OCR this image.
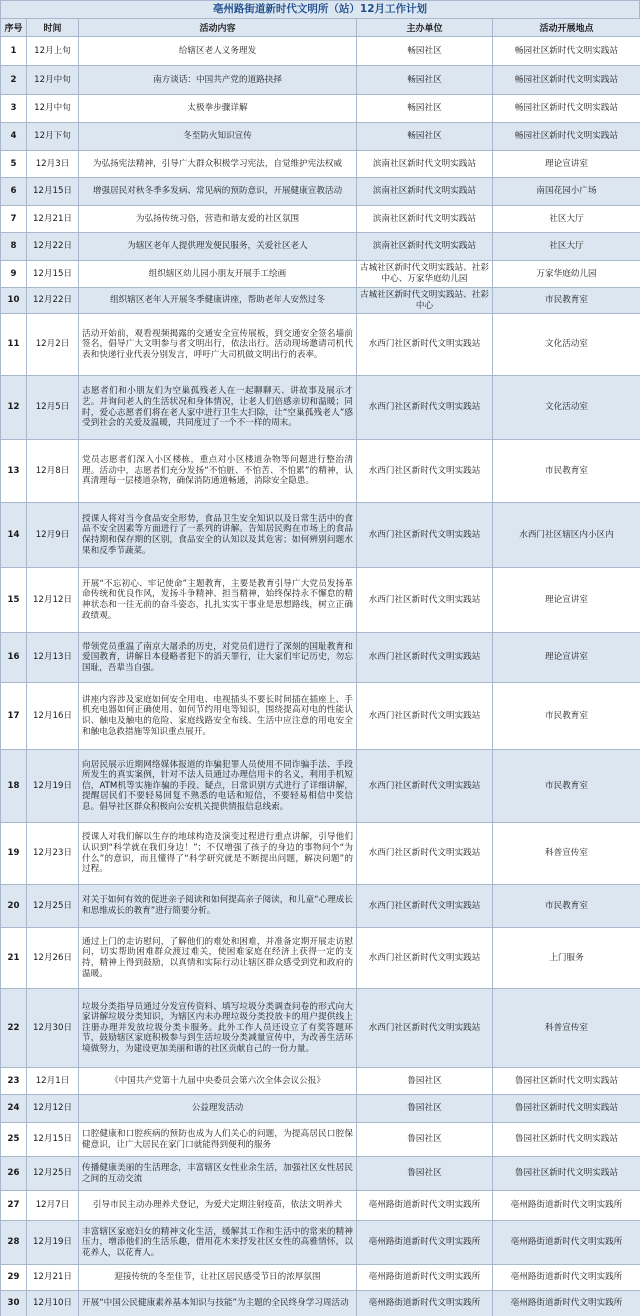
亳州路街道新时代文明所（站）12月工作计划
序号	时间	活动内容	主办单位	活动开展地点

1	12月上旬	给辖区老人义务理发	畅园社区	畅园社区新时代文明实践站

2	12月中旬	南方谈话：中国共产党的道路抉择	畅园社区	畅园社区新时代文明实践站

3	12月中旬	太极拳步骤详解	畅园社区	畅园社区新时代文明实践站

4	12月下旬	冬至防火知识宣传	畅园社区	畅园社区新时代文明实践站

5	12月3日	为弘扬宪法精神，引导广大群众积极学习宪法，自觉维护宪法权威	滨南社区新时代文明实践站	理论宣讲室

6	12月15日	增强居民对秋冬季多发病、常见病的预防意识，开展健康宣教活动	滨南社区新时代文明实践站	南国花园小广场

7	12月21日	为弘扬传统习俗，营造和谐友爱的社区氛围	滨南社区新时代文明实践站	社区大厅

8	12月22日	为辖区老年人提供理发便民服务，关爱社区老人	滨南社区新时代文明实践站	社区大厅

9	12月15日	组织辖区幼儿园小朋友开展手工绘画	古城社区新时代文明实践站、社彩中心、万家华庭幼儿园	万家华庭幼儿园

10	12月22日	组织辖区老年人开展冬季健康讲座，帮助老年人安然过冬	古城社区新时代文明实践站、社彩中心	市民教育室

11	12月2日	活动开始前，观看视频揭露的交通安全宣传展板，到交通安全签名墙前签名，倡导广大文明参与者文明出行，依法出行。活动现场邀请司机代表和快递行业代表分别发言，呼吁广大司机做文明出行的表率。	水西门社区新时代文明实践站	文化活动室

12	12月5日	志愿者们和小朋友们为空巢孤残老人在一起聊聊天、讲故事及展示才艺。并询问老人的生活状况和身体情况，让老人们倍感亲切和温暖；同时，爱心志愿者们将在老人家中进行卫生大扫除，让“空巢孤残老人”感受到社会的关爱及温暖，共同度过了一个不一样的周末。	水西门社区新时代文明实践站	文化活动室

13	12月8日	党员志愿者们深入小区楼栋，重点对小区楼道杂物等问题进行整治清理。活动中，志愿者们充分发扬“不怕脏、不怕苦、不怕累”的精神，认真清理每一层楼道杂物，确保消防通道畅通，消除安全隐患。	水西门社区新时代文明实践站	市民教育室

14	12月9日	授课人将对当今食品安全形势，食品卫生安全知识以及日常生活中的食品不安全因素等方面进行了一系列的讲解。告知居民购在市场上的食品保持期和保存期的区别，食品安全的认知以及其危害；如何辨别问题水果和反季节蔬菜。	水西门社区新时代文明实践站	水西门社区辖区内小区内

15	12月12日	开展“不忘初心、牢记使命”主题教育，主要是教育引导广大党员发扬革命传统和优良作风，发扬斗争精神、担当精神，始终保持永不懈怠的精神状态和一往无前的奋斗姿态，扎扎实实干事业是思想路线，树立正确政绩观。	水西门社区新时代文明实践站	理论宣讲室

16	12月13日	带领党员重温了南京大屠杀的历史，对党员们进行了深刻的国耻教育和爱国教育，讲解日本侵略者犯下的滔天罪行，让大家们牢记历史，勿忘国耻，吾辈当自强。	水西门社区新时代文明实践站	理论宣讲室

17	12月16日	讲座内容涉及家庭如何安全用电、电视插头不要长时间插在插座上、手机充电器如何正确使用、如何节约用电等知识，围绕提高对电的性能认识、触电及触电的危险、家庭线路安全布线、生活中应注意的用电安全和触电急救措施等知识重点展开。	水西门社区新时代文明实践站	市民教育室

18	12月19日	向居民展示近期网络媒体报道的诈骗犯罪人员使用不同诈骗手法、手段所发生的真实案例，针对不法人员通过办理信用卡的名义，利用手机短信，ATM机等实施诈骗的手段、疑点，日常识别方式进行了详细讲解，提醒居民们不要轻易回复不熟悉的电话和短信，不要轻易相信中奖信息。倡导社区群众积极向公安机关提供情报信息线索。	水西门社区新时代文明实践站	市民教育室

19	12月23日	授课人对我们解以生存的地球构造及演变过程进行重点讲解，引导他们认识到“科学就在我们身边！”；不仅增强了孩子的身边的事物问个“为什么”的意识，而且懂得了“科学研究就是不断提出问题，解决问题”的过程。	水西门社区新时代文明实践站	科普宣传室

20	12月25日	对关于如何有效的促进亲子阅读和如何提高亲子阅读，和儿童“心理成长和思维成长的教育”进行简要分析。	水西门社区新时代文明实践站	市民教育室

21	12月26日	通过上门的走访慰问，了解他们的难处和困难，并准备定期开展走访慰问，切实帮助困难群众渡过难关，使困难家庭在经济上获得一定的支持，精神上得到鼓励，以真情和实际行动让辖区群众感受到党和政府的温暖。	水西门社区新时代文明实践站	上门服务

22	12月30日	垃圾分类指导员通过分发宣传资料、填写垃圾分类调查问卷的形式向大家讲解垃圾分类知识，为辖区内未办理垃圾分类投放卡的用户提供线上注册办理并发放垃圾分类卡服务。此外工作人员还设立了有奖答题环节，鼓励辖区家庭积极参与到生活垃圾分类减量宣传中，为改善生活环境做努力，为建设更加美丽和谐的社区贡献自己的一份力量。	水西门社区新时代文明实践站	科普宣传室

23	12月1日	《中国共产党第十九届中央委员会第六次全体会议公报》	鲁园社区	鲁园社区新时代文明实践站

24	12月12日	公益理发活动	鲁园社区	鲁园社区新时代文明实践站

25	12月15日	口腔健康和口腔疾病的预防也成为人们关心的问题，为提高居民口腔保健意识，让广大居民在家门口就能得到便利的服务	鲁园社区	鲁园社区新时代文明实践站

26	12月25日	传播健康美丽的生活理念，丰富辖区女性业余生活，加强社区女性居民之间的互动交流	鲁园社区	鲁园社区新时代文明实践站

27	12月7日	引导市民主动办理养犬登记，为爱犬定期注射疫苗，依法文明养犬	亳州路街道新时代文明实践所	亳州路街道新时代文明实践所

28	12月19日	丰富辖区家庭妇女的精神文化生活，缓解其工作和生活中的常来的精神压力，增添他们的生活乐趣，借用花木来抒发社区女性的高雅情怀，以花养人，以花育人。	亳州路街道新时代文明实践所	亳州路街道新时代文明实践所

29	12月21日	迎接传统的冬至佳节，让社区居民感受节日的浓厚氛围	亳州路街道新时代文明实践所	亳州路街道新时代文明实践所

30	12月10日	开展“中国公民健康素养基本知识与技能”为主题的全民终身学习周活动	亳州路街道新时代文明实践所	亳州路街道新时代文明实践所
